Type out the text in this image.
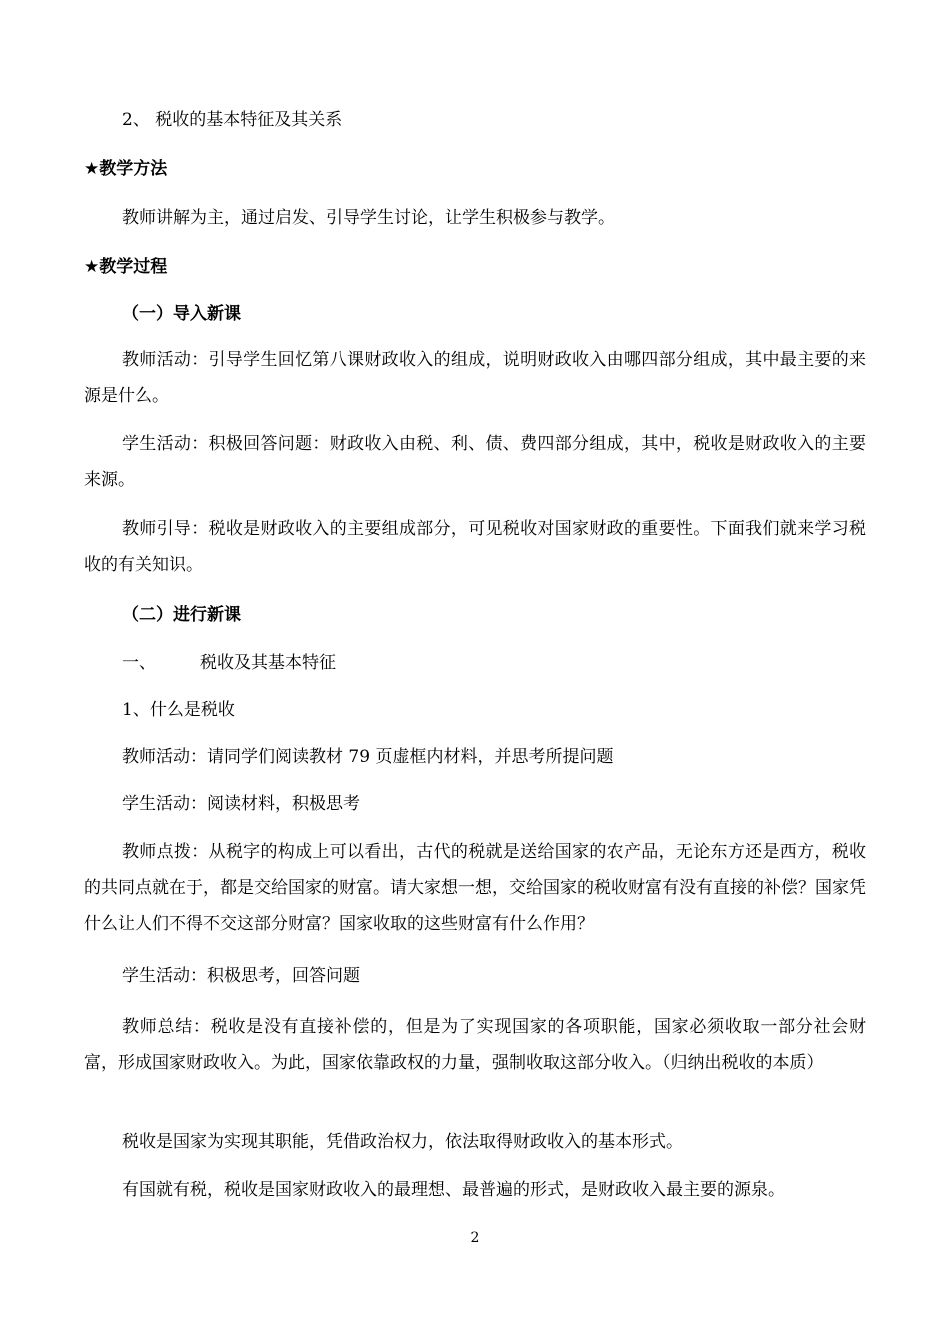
2、 税收的基本特征及其关系
★教学方法
教师讲解为主，通过启发、引导学生讨论，让学生积极参与教学。
★教学过程
（一）导入新课
教师活动：引导学生回忆第八课财政收入的组成，说明财政收入由哪四部分组成，其中最主要的来源是什么。
学生活动：积极回答问题：财政收入由税、利、债、费四部分组成，其中，税收是财政收入的主要来源。
教师引导：税收是财政收入的主要组成部分，可见税收对国家财政的重要性。下面我们就来学习税收的有关知识。
（二）进行新课
一、	税收及其基本特征
1、什么是税收
教师活动：请同学们阅读教材 79 页虚框内材料，并思考所提问题
学生活动：阅读材料，积极思考
教师点拨：从税字的构成上可以看出，古代的税就是送给国家的农产品，无论东方还是西方，税收的共同点就在于，都是交给国家的财富。请大家想一想，交给国家的税收财富有没有直接的补偿？国家凭什么让人们不得不交这部分财富？国家收取的这些财富有什么作用？
学生活动：积极思考，回答问题
教师总结：税收是没有直接补偿的，但是为了实现国家的各项职能，国家必须收取一部分社会财富，形成国家财政收入。为此，国家依靠政权的力量，强制收取这部分收入。（归纳出税收的本质）
税收是国家为实现其职能，凭借政治权力，依法取得财政收入的基本形式。
有国就有税，税收是国家财政收入的最理想、最普遍的形式，是财政收入最主要的源泉。
2
